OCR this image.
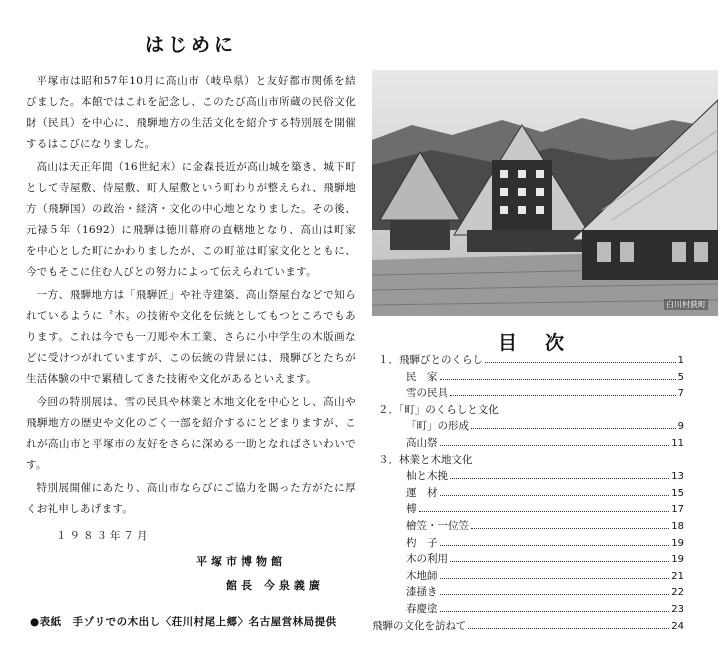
はじめに

平塚市は昭和57年10月に高山市（岐阜県）と友好都市関係を結びました。本館ではこれを記念し、このたび高山市所蔵の民俗文化財（民具）を中心に、飛騨地方の生活文化を紹介する特別展を開催するはこびになりました。

高山は天正年間（16世紀末）に金森長近が高山城を築き、城下町として寺屋敷、侍屋敷、町人屋敷という町わりが整えられ、飛騨地方（飛騨国）の政治・経済・文化の中心地となりました。その後、元禄５年（1692）に飛騨は徳川幕府の直轄地となり、高山は町家を中心とした町にかわりましたが、この町並は町家文化とともに、今でもそこに住む人びとの努力によって伝えられています。

一方、飛騨地方は「飛騨匠」や社寺建築、高山祭屋台などで知られているように〝木〟の技術や文化を伝統としてもつところでもあります。これは今でも一刀彫や木工業、さらに小中学生の木版画などに受けつがれていますが、この伝統の背景には、飛騨びとたちが生活体験の中で累積してきた技術や文化があるといえます。

今回の特別展は、雪の民具や林業と木地文化を中心とし、高山や飛騨地方の歴史や文化のごく一部を紹介するにとどまりますが、これが高山市と平塚市の友好をさらに深める一助となればさいわいです。

特別展開催にあたり、高山市ならびにご協力を賜った方がたに厚くお礼申しあげます。

１９８３年７月
平塚市博物館
館長 今泉義廣
●表紙　手ゾリでの木出し〈荘川村尾上郷〉名古屋営林局提供
白川村荻町
目次
１．飛騨びとのくらし	1
民　家	5
雪の民具	7
２．「町」のくらしと文化
「町」の形成	9
高山祭	11
３．林業と木地文化
杣と木挽	13
運　材	15
榑	17
檜笠・一位笠	18
杓　子	19
木の利用	19
木地師	21
漆掻き	22
春慶塗	23
飛騨の文化を訪ねて	24
